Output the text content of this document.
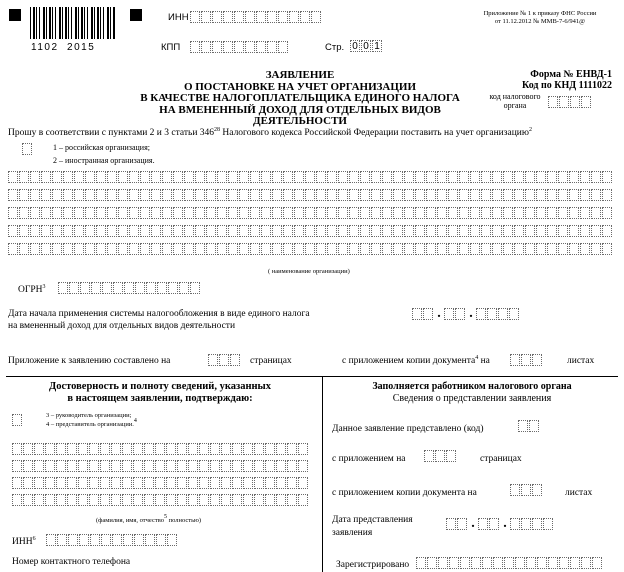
1102  2015
ИНН
КПП	Стр. 0 0 1
Приложение № 1 к приказу ФНС России
от 11.12.2012 № ММВ-7-6/941@
ЗАЯВЛЕНИЕ
О ПОСТАНОВКЕ НА УЧЕТ ОРГАНИЗАЦИИ
В КАЧЕСТВЕ НАЛОГОПЛАТЕЛЬЩИКА ЕДИНОГО НАЛОГА
НА ВМЕНЕННЫЙ ДОХОД ДЛЯ ОТДЕЛЬНЫХ ВИДОВ ДЕЯТЕЛЬНОСТИ
Форма № ЕНВД-1
Код по КНД 1111022
код налогового
органа
Прошу в соответствии с пунктами 2 и 3 статьи $346^{28}$ Налогового кодекса Российской Федерации поставить на учет организацию$^2$
1 – российская организация;
2 – иностранная организация.
( наименование организации)
ОГРН$^3$
Дата начала применения системы налогообложения в виде единого налога
на вмененный доход для отдельных видов деятельности
. .
Приложение к заявлению составлено на	страницах	с приложением копии документа$^4$ на	листах
Достоверность и полноту сведений, указанных
в настоящем заявлении, подтверждаю:
3 – руководитель организации;
4 – представитель организации.4
(фамилия, имя, отчество5 полностью)
ИНН$^6$
Номер контактного телефона
Заполняется работником налогового органа
Сведения о представлении заявления
Данное заявление представлено (код)
с приложением на	страницах
с приложением копии документа на	листах
Дата представления
заявления
. .
Зарегистрировано
